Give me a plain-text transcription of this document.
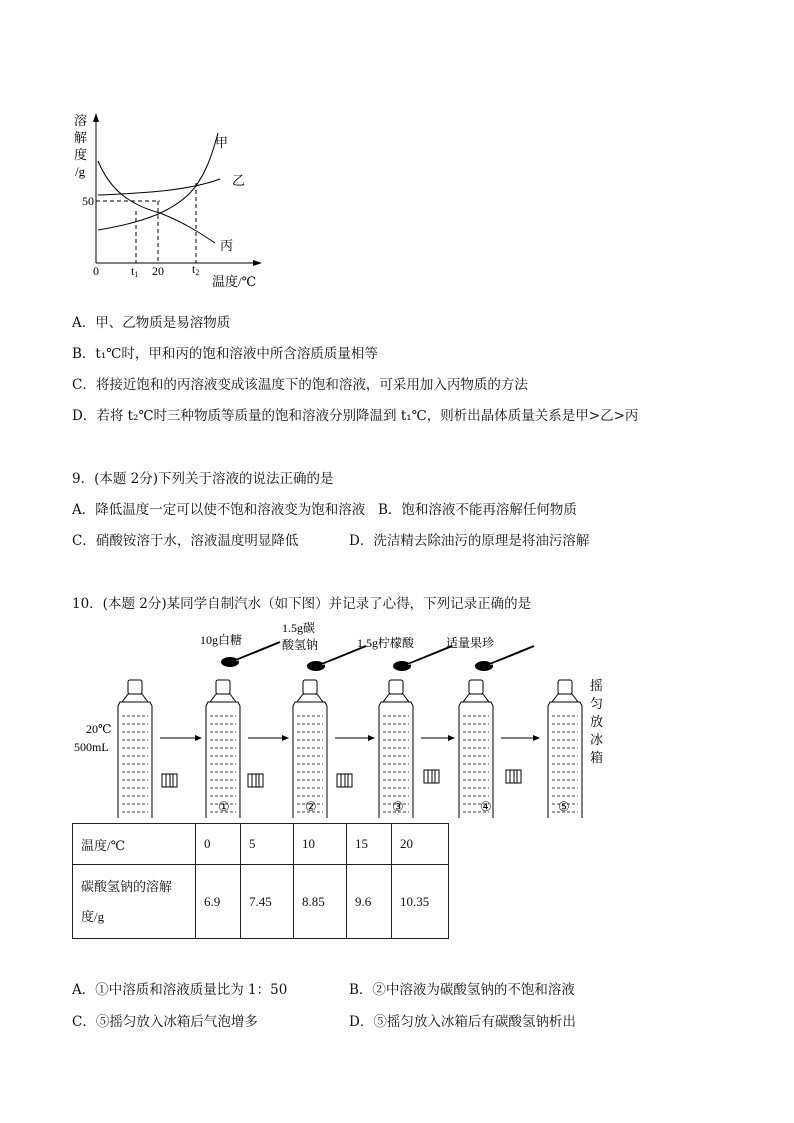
溶
解
度
/g
50
0	t1 20 t2
甲
乙
丙
温度/℃
A．甲、乙物质是易溶物质
B．t₁℃时，甲和丙的饱和溶液中所含溶质质量相等
C．将接近饱和的丙溶液变成该温度下的饱和溶液，可采用加入丙物质的方法
D．若将 t₂℃时三种物质等质量的饱和溶液分别降温到 t₁℃，则析出晶体质量关系是甲>乙>丙
9．(本题 2分)下列关于溶液的说法正确的是
A．降低温度一定可以使不饱和溶液变为饱和溶液 B．饱和溶液不能再溶解任何物质
C．硝酸铵溶于水，溶液温度明显降低	D．洗洁精去除油污的原理是将油污溶解
10．(本题 2分)某同学自制汽水（如下图）并记录了心得，下列记录正确的是
20℃
500mL
10g白糖
1.5g碳
酸氢钠	1.5g柠檬酸	适量果珍
摇
匀
放
冰
箱
①	②	③	④	⑤
温度/℃	0	5	10	15	20
碳酸氢钠的溶解
度/g	6.9	7.45	8.85	9.6	10.35
A．①中溶质和溶液质量比为 1：50	B．②中溶液为碳酸氢钠的不饱和溶液
C．⑤摇匀放入冰箱后气泡增多	D．⑤摇匀放入冰箱后有碳酸氢钠析出
